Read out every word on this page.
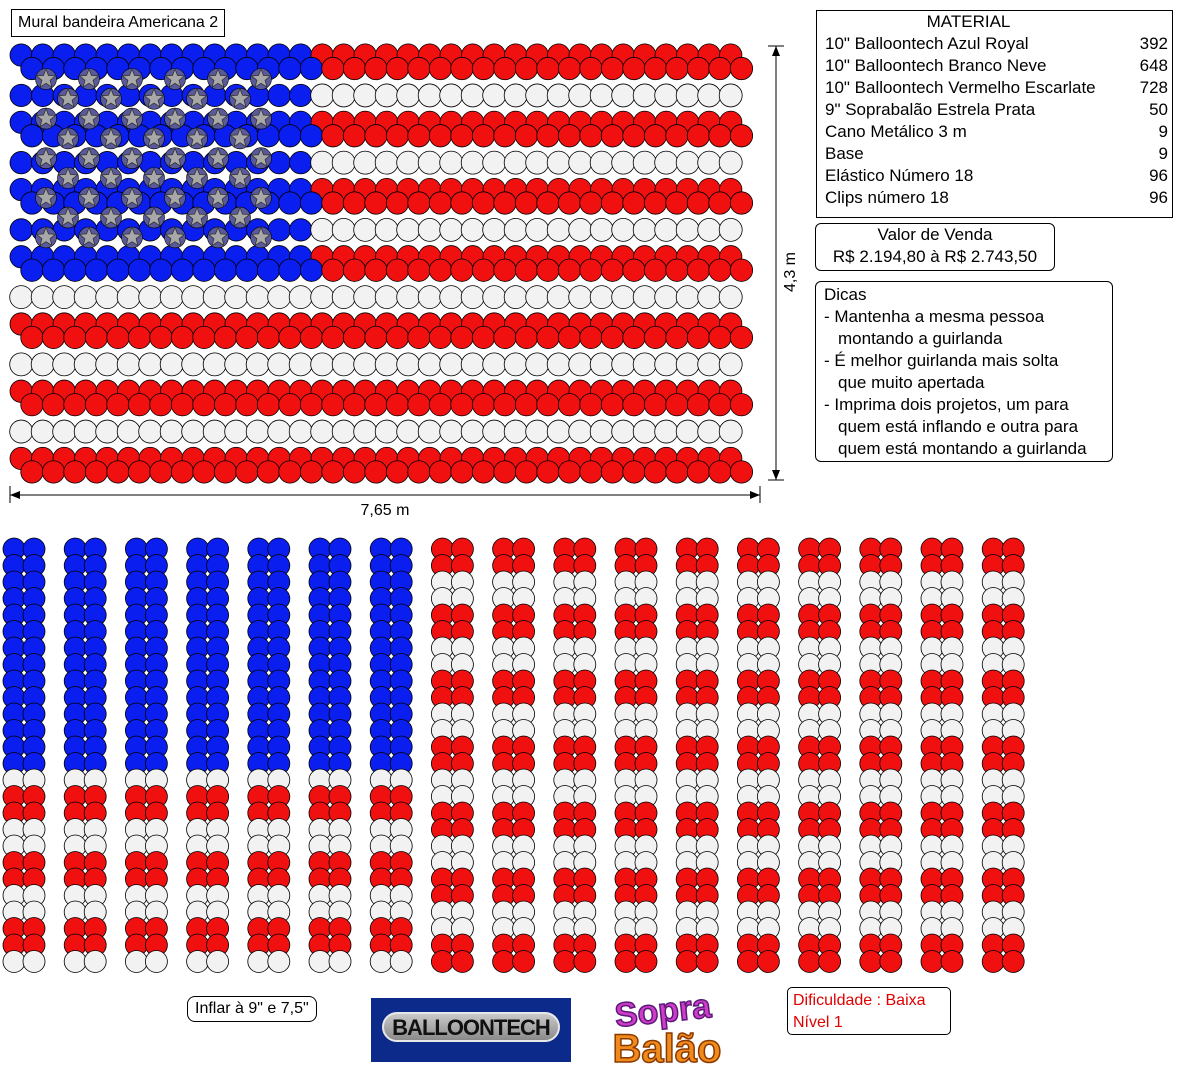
Mural bandeira Americana 2
4,3 m
7,65 m
MATERIAL
10" Balloontech Azul Royal	392
10" Balloontech Branco Neve	648
10" Balloontech Vermelho Escarlate	728
9" Soprabalão Estrela Prata	50
Cano Metálico 3 m	9
Base	9
Elástico Número 18	96
Clips número 18	96
Valor de Venda
R$ 2.194,80 à R$ 2.743,50
Dicas
- Mantenha a mesma pessoa
montando a guirlanda
- É melhor guirlanda mais solta
que muito apertada
- Imprima dois projetos, um para
quem está inflando e outra para
quem está montando a guirlanda
Inflar à 9" e 7,5"
BALLOONTECH Sopra
Balão
Dificuldade : Baixa
Nível 1
